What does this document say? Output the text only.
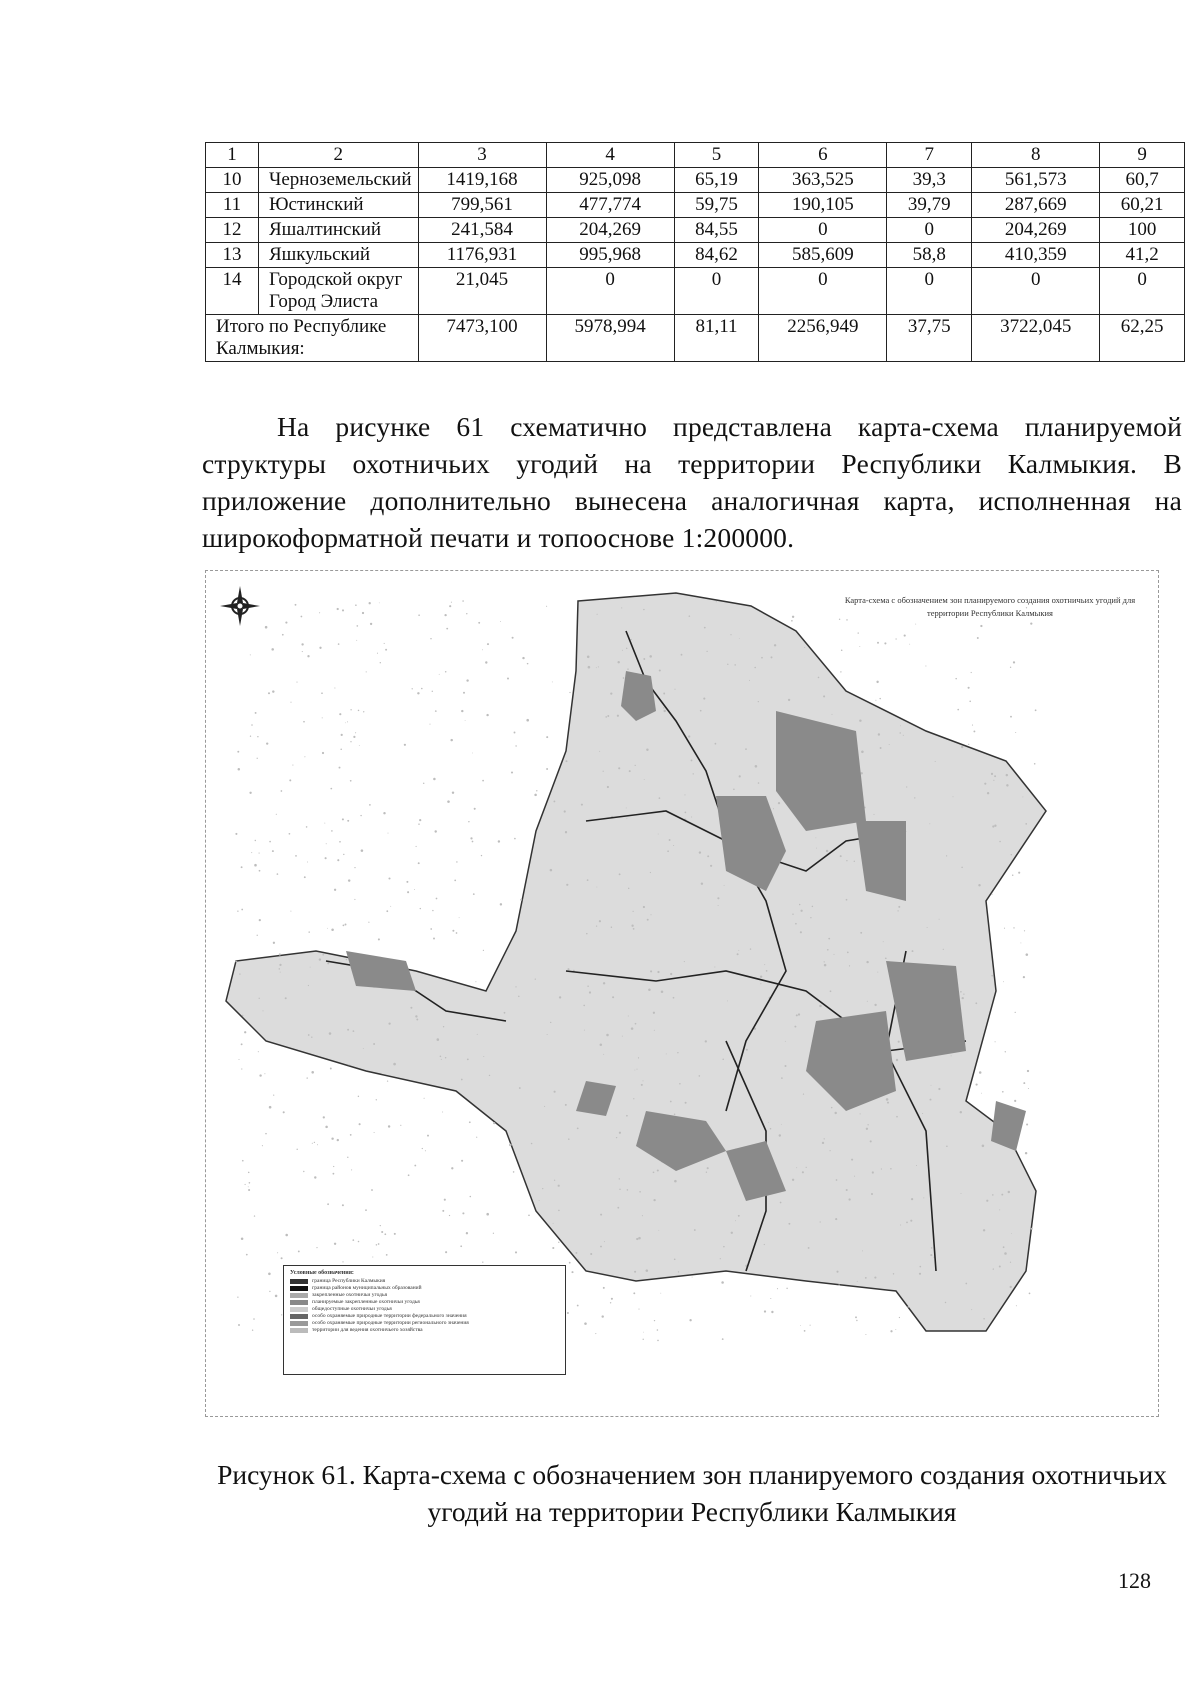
1	2	3	4	5	6	7	8	9
10	Черноземельский	1419,168	925,098	65,19	363,525	39,3	561,573	60,7
11	Юстинский	799,561	477,774	59,75	190,105	39,79	287,669	60,21
12	Яшалтинский	241,584	204,269	84,55	0	0	204,269	100
13	Яшкульский	1176,931	995,968	84,62	585,609	58,8	410,359	41,2
14	Городской округ Город Элиста	21,045	0	0	0	0	0	0
Итого по Республике Калмыкия:		7473,100	5978,994	81,11	2256,949	37,75	3722,045	62,25
На рисунке 61 схематично представлена карта-схема планируемой структуры охотничьих угодий на территории Республики Калмыкия. В приложение дополнительно вынесена аналогичная карта, исполненная на широкоформатной печати и топооснове 1:200000.
Карта-схема с обозначением зон планируемого создания охотничьих угодий для территории Республики Калмыкия
Условные обозначения:
граница Республики Калмыкия
граница районов муниципальных образований
закрепленные охотничьи угодья
планируемые закрепленные охотничьи угодья
общедоступные охотничьи угодья
особо охраняемые природные территории федерального значения
особо охраняемые природные территории регионального значения
территории для ведения охотничьего хозяйства
Рисунок 61. Карта-схема с обозначением зон планируемого создания охотничьих угодий на территории Республики Калмыкия
128
